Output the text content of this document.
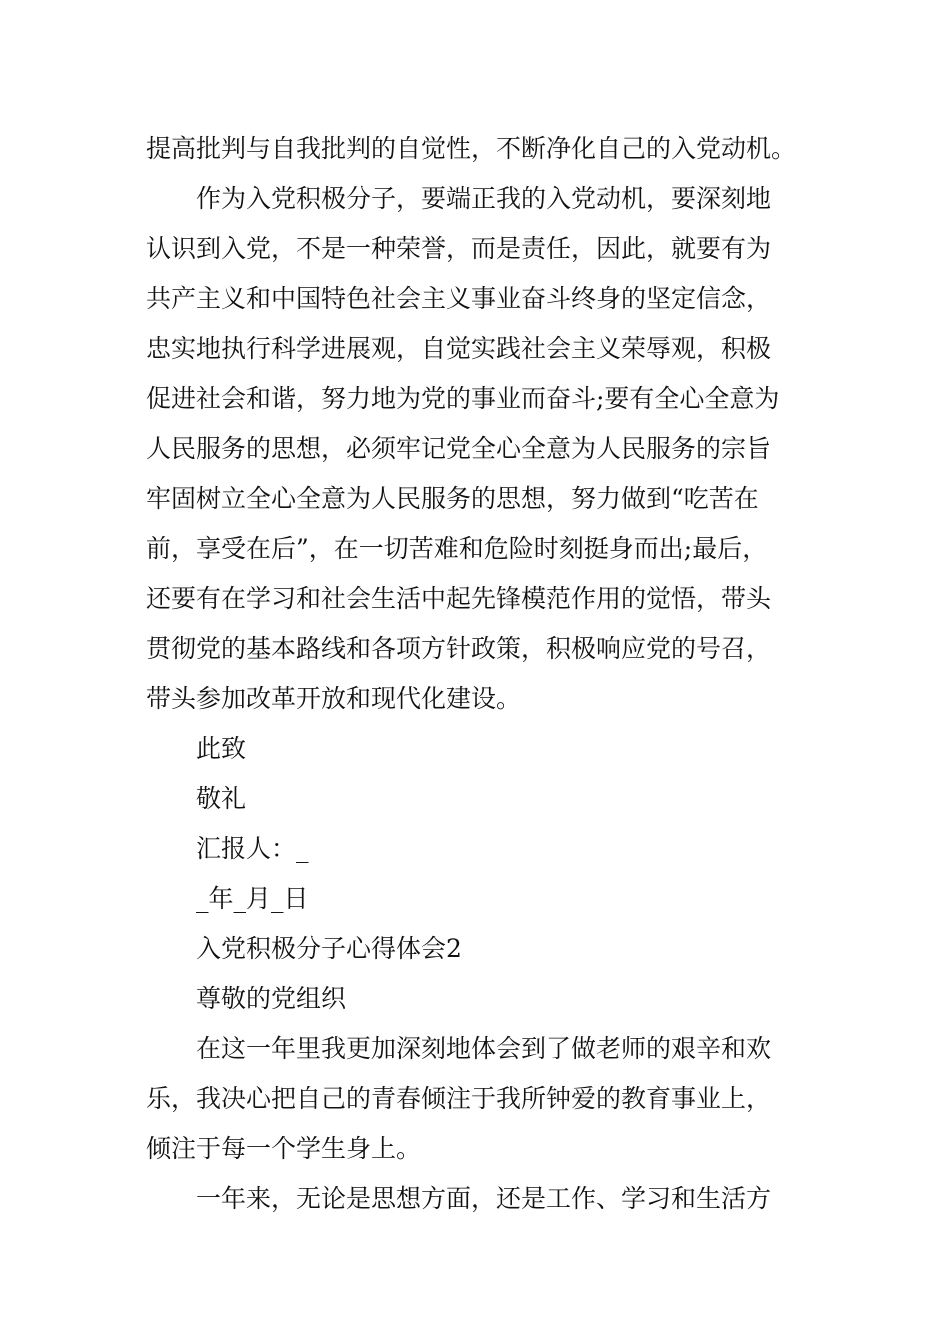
提高批判与自我批判的自觉性，不断净化自己的入党动机。
作为入党积极分子，要端正我的入党动机，要深刻地
认识到入党，不是一种荣誉，而是责任，因此，就要有为
共产主义和中国特色社会主义事业奋斗终身的坚定信念，
忠实地执行科学进展观，自觉实践社会主义荣辱观，积极
促进社会和谐，努力地为党的事业而奋斗;要有全心全意为
人民服务的思想，必须牢记党全心全意为人民服务的宗旨
牢固树立全心全意为人民服务的思想，努力做到“吃苦在
前，享受在后”，在一切苦难和危险时刻挺身而出;最后，
还要有在学习和社会生活中起先锋模范作用的觉悟，带头
贯彻党的基本路线和各项方针政策，积极响应党的号召，
带头参加改革开放和现代化建设。
此致
敬礼
汇报人：_
_年_月_日
入党积极分子心得体会2
尊敬的党组织
在这一年里我更加深刻地体会到了做老师的艰辛和欢
乐，我决心把自己的青春倾注于我所钟爱的教育事业上，
倾注于每一个学生身上。
一年来，无论是思想方面，还是工作、学习和生活方
